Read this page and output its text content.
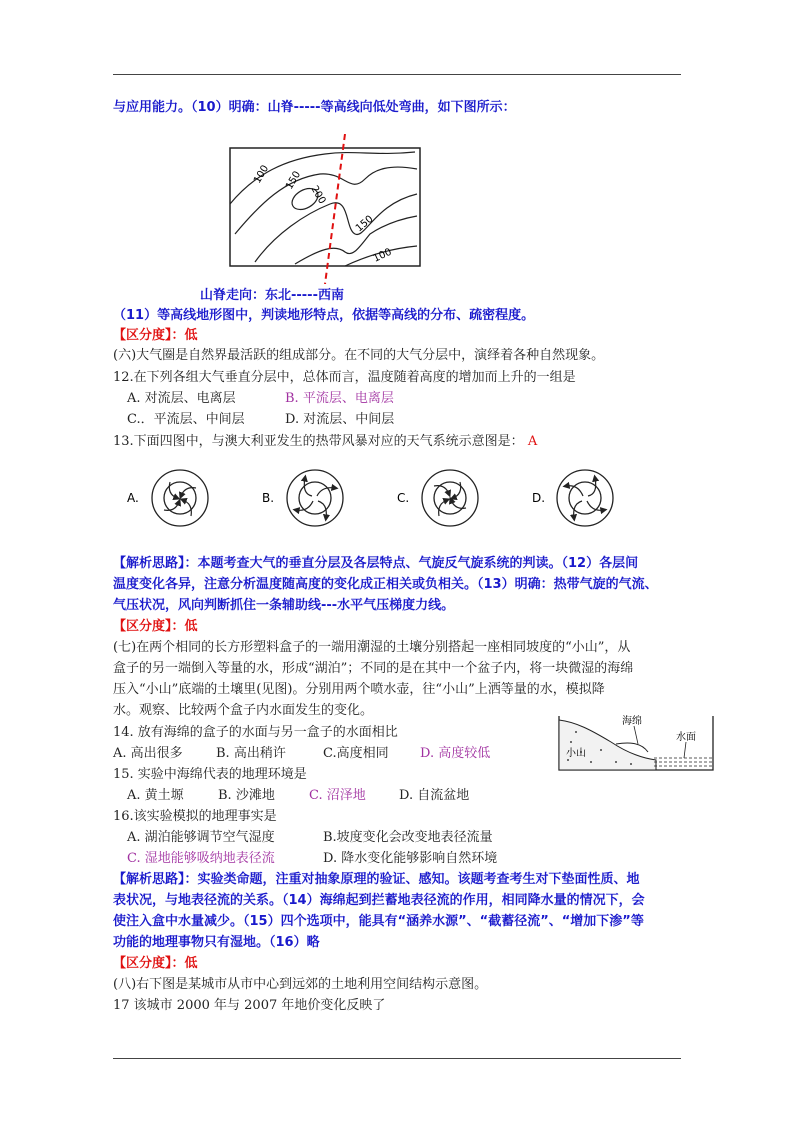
与应用能力。（10）明确：山脊-----等高线向低处弯曲，如下图所示：
100 150
200
150
100
山脊走向：东北-----西南
（11）等高线地形图中，判读地形特点，依据等高线的分布、疏密程度。
【区分度】：低
(六)大气圈是自然界最活跃的组成部分。在不同的大气分层中，演绎着各种自然现象。
12.在下列各组大气垂直分层中，总体而言，温度随着高度的增加而上升的一组是
A. 对流层、电离层	B. 平流层、电离层
C.．平流层、中间层	D. 对流层、中间层
13.下面四图中，与澳大利亚发生的热带风暴对应的天气系统示意图是： A
A.	B.	C.	D.
【解析思路】：本题考查大气的垂直分层及各层特点、气旋反气旋系统的判读。（12）各层间
温度变化各异，注意分析温度随高度的变化成正相关或负相关。（13）明确：热带气旋的气流、
气压状况，风向判断抓住一条辅助线---水平气压梯度力线。
【区分度】：低
(七)在两个相同的长方形塑料盒子的一端用潮湿的土壤分别搭起一座相同坡度的“小山”，从
盒子的另一端倒入等量的水，形成“湖泊”；不同的是在其中一个盆子内，将一块微湿的海绵
压入“小山”底端的土壤里(见图)。分别用两个喷水壶，往“小山”上洒等量的水，模拟降
水。观察、比较两个盒子内水面发生的变化。
海绵
水面
小山
14. 放有海绵的盒子的水面与另一盒子的水面相比
A. 高出很多	B. 高出稍许	C.高度相同 D. 高度较低
15. 实验中海绵代表的地理环境是
A. 黄土塬	B. 沙滩地	C. 沼泽地	D. 自流盆地
16.该实验模拟的地理事实是
A. 湖泊能够调节空气湿度	B.坡度变化会改变地表径流量
C. 湿地能够吸纳地表径流	D. 降水变化能够影响自然环境
【解析思路】：实验类命题，注重对抽象原理的验证、感知。该题考查考生对下垫面性质、地
表状况，与地表径流的关系。（14）海绵起到拦蓄地表径流的作用，相同降水量的情况下，会
使注入盒中水量减少。（15）四个选项中，能具有“涵养水源”、“截蓄径流”、“增加下渗”等
功能的地理事物只有湿地。（16）略
【区分度】：低
(八)右下图是某城市从市中心到远郊的土地利用空间结构示意图。
17 该城市 2000 年与 2007 年地价变化反映了
